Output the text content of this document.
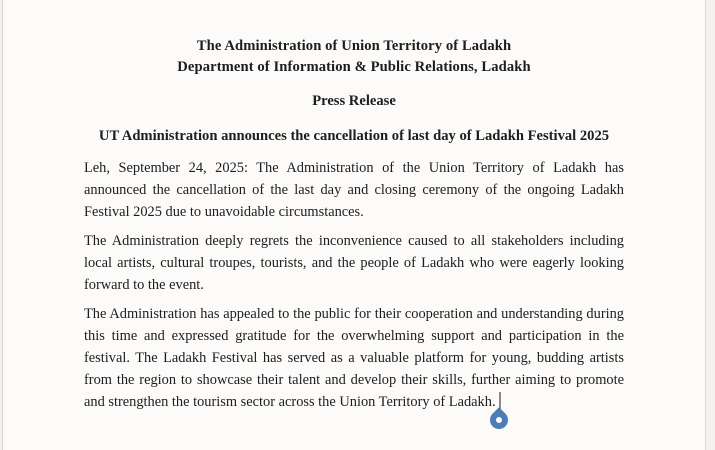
The Administration of Union Territory of Ladakh
Department of Information & Public Relations, Ladakh
Press Release
UT Administration announces the cancellation of last day of Ladakh Festival 2025

Leh, September 24, 2025: The Administration of the Union Territory of Ladakh has announced the cancellation of the last day and closing ceremony of the ongoing Ladakh Festival 2025 due to unavoidable circumstances.

The Administration deeply regrets the inconvenience caused to all stakeholders including local artists, cultural troupes, tourists, and the people of Ladakh who were eagerly looking forward to the event.

The Administration has appealed to the public for their cooperation and understanding during this time and expressed gratitude for the overwhelming support and participation in the festival. The Ladakh Festival has served as a valuable platform for young, budding artists from the region to showcase their talent and develop their skills, further aiming to promote and strengthen the tourism sector across the Union Territory of Ladakh.
